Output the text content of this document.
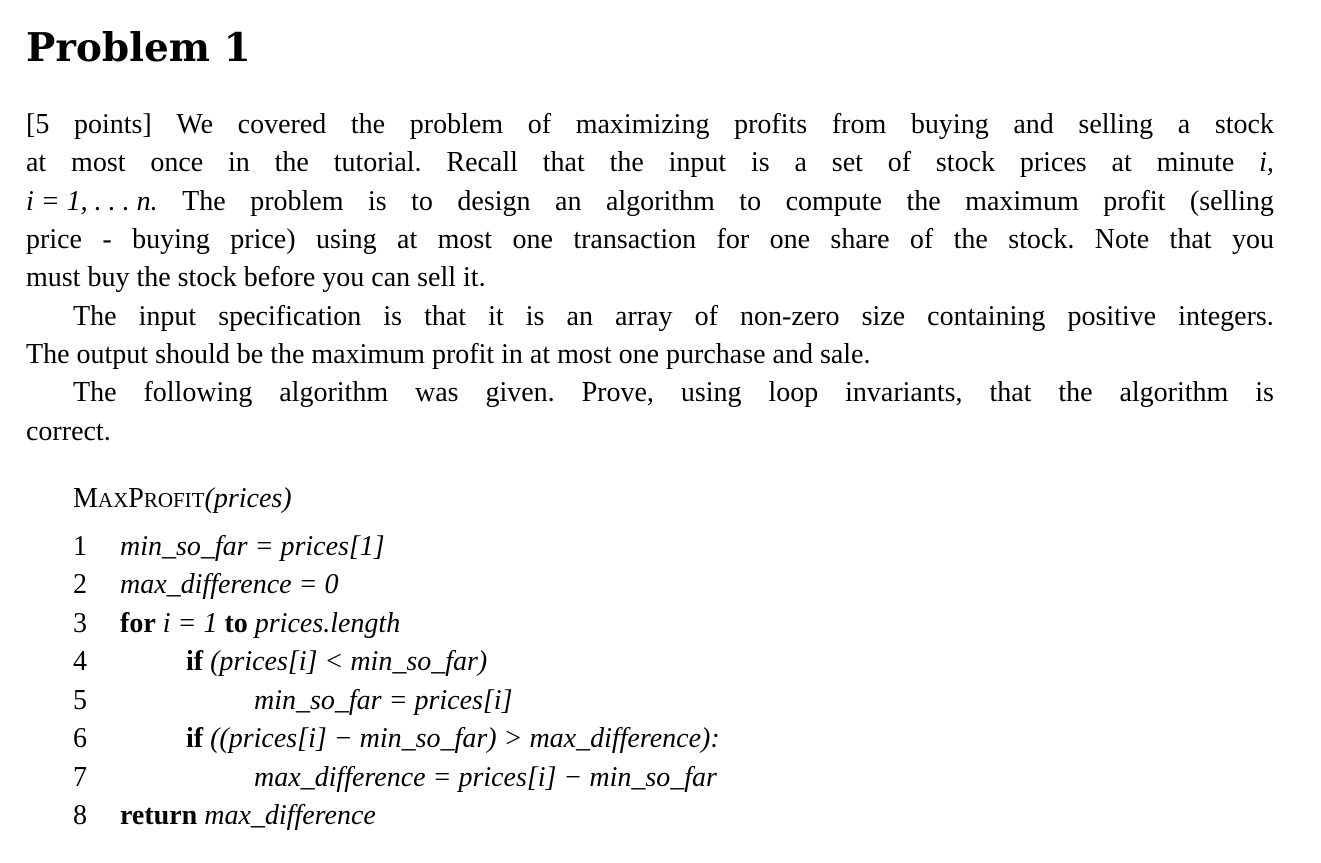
Problem 1
[5 points] We covered the problem of maximizing profits from buying and selling a stock
at most once in the tutorial. Recall that the input is a set of stock prices at minute i,
i = 1, . . . n. The problem is to design an algorithm to compute the maximum profit (selling
price - buying price) using at most one transaction for one share of the stock. Note that you
must buy the stock before you can sell it.
The input specification is that it is an array of non-zero size containing positive integers.
The output should be the maximum profit in at most one purchase and sale.
The following algorithm was given. Prove, using loop invariants, that the algorithm is
correct.
MAXPROFIT(prices)
1
2
3
4
5
6
7
8
min_so_far = prices[1]
max_difference = 0
for i = 1 to prices.length
if (prices[i] < min_so_far)
min_so_far = prices[i]
if ((prices[i] − min_so_far) > max_difference):
max_difference = prices[i] − min_so_far
return max_difference
